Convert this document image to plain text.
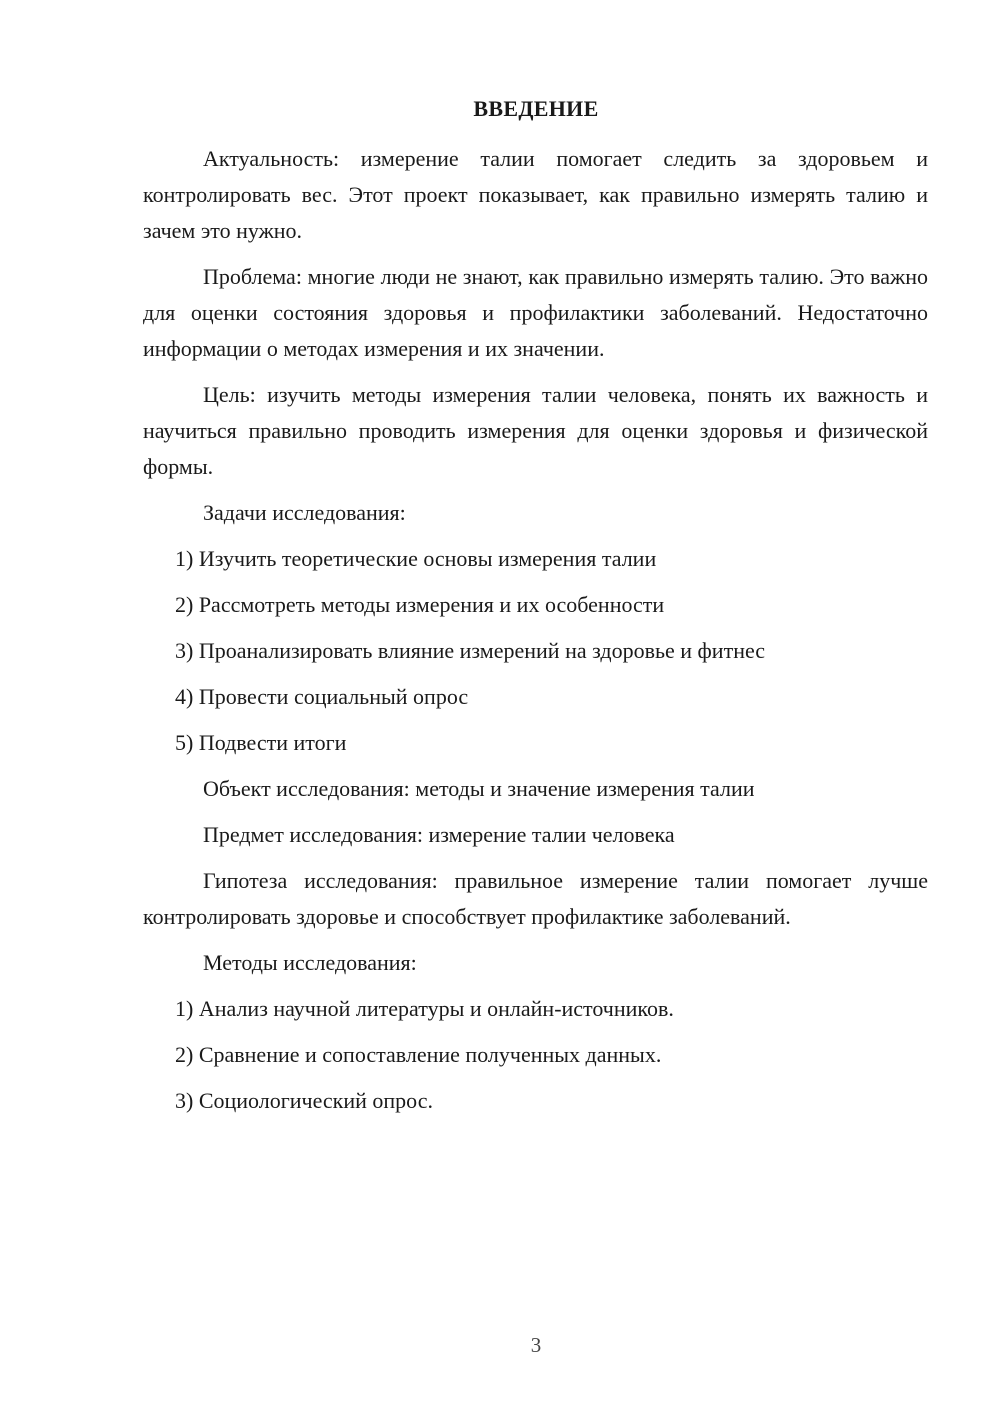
ВВЕДЕНИЕ

Актуальность: измерение талии помогает следить за здоровьем и контролировать вес. Этот проект показывает, как правильно измерять талию и зачем это нужно.

Проблема: многие люди не знают, как правильно измерять талию. Это важно для оценки состояния здоровья и профилактики заболеваний. Недостаточно информации о методах измерения и их значении.

Цель: изучить методы измерения талии человека, понять их важность и научиться правильно проводить измерения для оценки здоровья и физической формы.

Задачи исследования:

1) Изучить теоретические основы измерения талии

2) Рассмотреть методы измерения и их особенности

3) Проанализировать влияние измерений на здоровье и фитнес

4) Провести социальный опрос

5) Подвести итоги

Объект исследования: методы и значение измерения талии

Предмет исследования: измерение талии человека

Гипотеза исследования: правильное измерение талии помогает лучше контролировать здоровье и способствует профилактике заболеваний.

Методы исследования:

1) Анализ научной литературы и онлайн-источников.

2) Сравнение и сопоставление полученных данных.

3) Социологический опрос.

3
